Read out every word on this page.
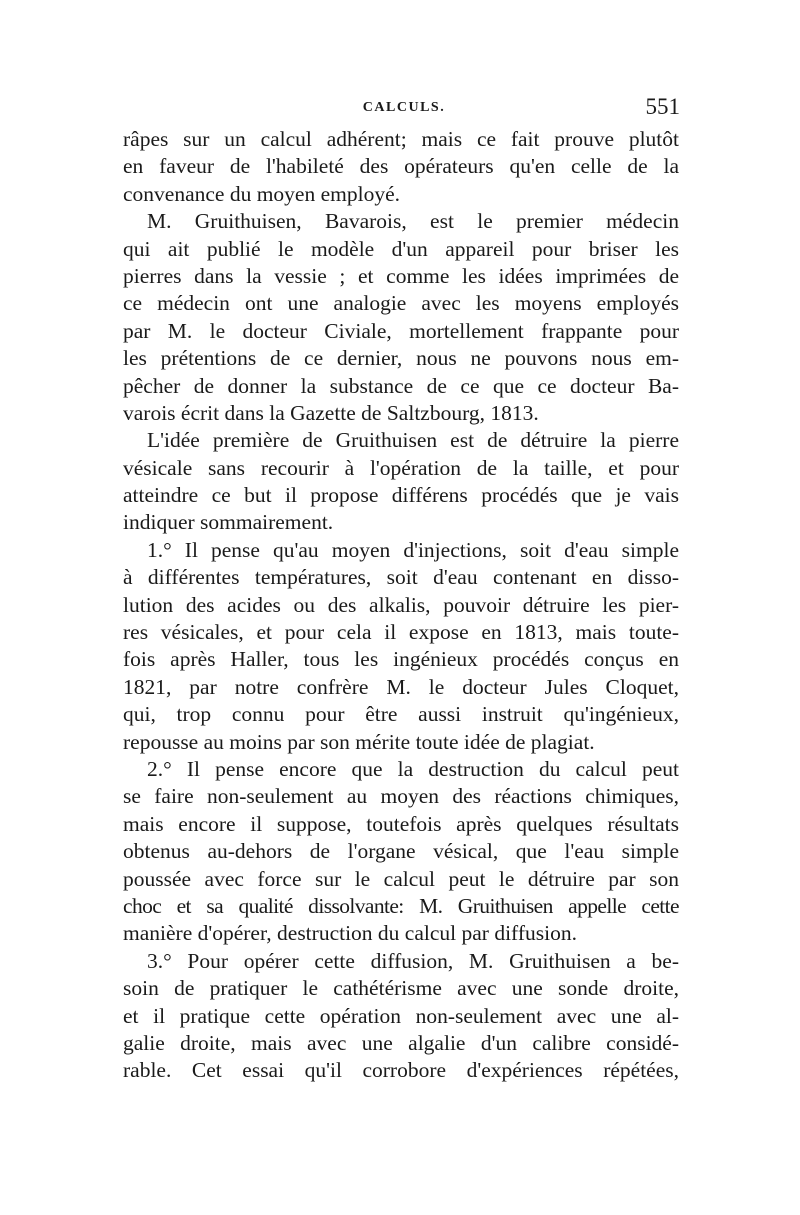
CALCULS.	551
râpes sur un calcul adhérent; mais ce fait prouve plutôt
en faveur de l'habileté des opérateurs qu'en celle de la
convenance du moyen employé.
M. Gruithuisen, Bavarois, est le premier médecin
qui ait publié le modèle d'un appareil pour briser les
pierres dans la vessie ; et comme les idées imprimées de
ce médecin ont une analogie avec les moyens employés
par M. le docteur Civiale, mortellement frappante pour
les prétentions de ce dernier, nous ne pouvons nous em-
pêcher de donner la substance de ce que ce docteur Ba-
varois écrit dans la Gazette de Saltzbourg, 1813.
L'idée première de Gruithuisen est de détruire la pierre
vésicale sans recourir à l'opération de la taille, et pour
atteindre ce but il propose différens procédés que je vais
indiquer sommairement.
1.° Il pense qu'au moyen d'injections, soit d'eau simple
à différentes températures, soit d'eau contenant en disso-
lution des acides ou des alkalis, pouvoir détruire les pier-
res vésicales, et pour cela il expose en 1813, mais toute-
fois après Haller, tous les ingénieux procédés conçus en
1821, par notre confrère M. le docteur Jules Cloquet,
qui, trop connu pour être aussi instruit qu'ingénieux,
repousse au moins par son mérite toute idée de plagiat.
2.° Il pense encore que la destruction du calcul peut
se faire non-seulement au moyen des réactions chimiques,
mais encore il suppose, toutefois après quelques résultats
obtenus au-dehors de l'organe vésical, que l'eau simple
poussée avec force sur le calcul peut le détruire par son
choc et sa qualité dissolvante: M. Gruithuisen appelle cette
manière d'opérer, destruction du calcul par diffusion.
3.° Pour opérer cette diffusion, M. Gruithuisen a be-
soin de pratiquer le cathétérisme avec une sonde droite,
et il pratique cette opération non-seulement avec une al-
galie droite, mais avec une algalie d'un calibre considé-
rable. Cet essai qu'il corrobore d'expériences répétées,
